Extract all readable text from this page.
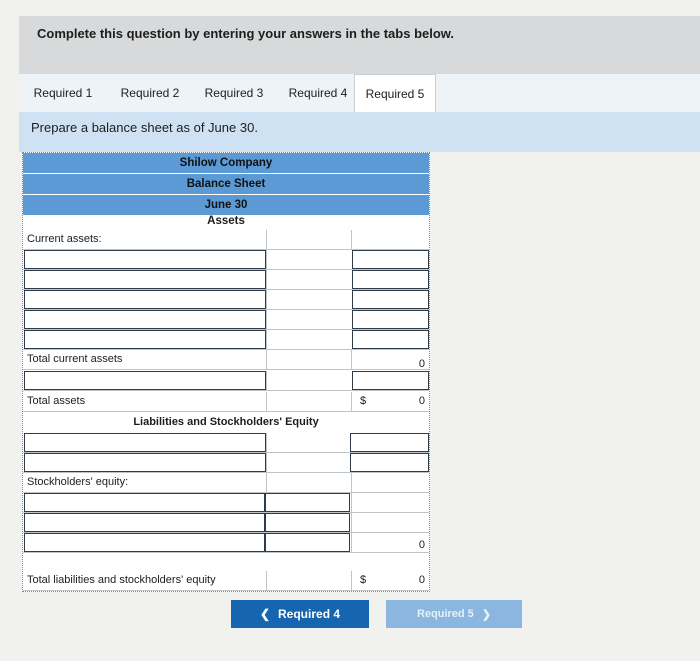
Complete this question by entering your answers in the tabs below.
Required 1	Required 2	Required 3	Required 4	Required 5
Prepare a balance sheet as of June 30.
Shilow Company
Balance Sheet
June 30
Assets
Current assets:
Total current assets	0
Total assets	$	0
Liabilities and Stockholders' Equity
Stockholders' equity:
0
Total liabilities and stockholders' equity	$	0
❮ Required 4	Required 5 ❯
